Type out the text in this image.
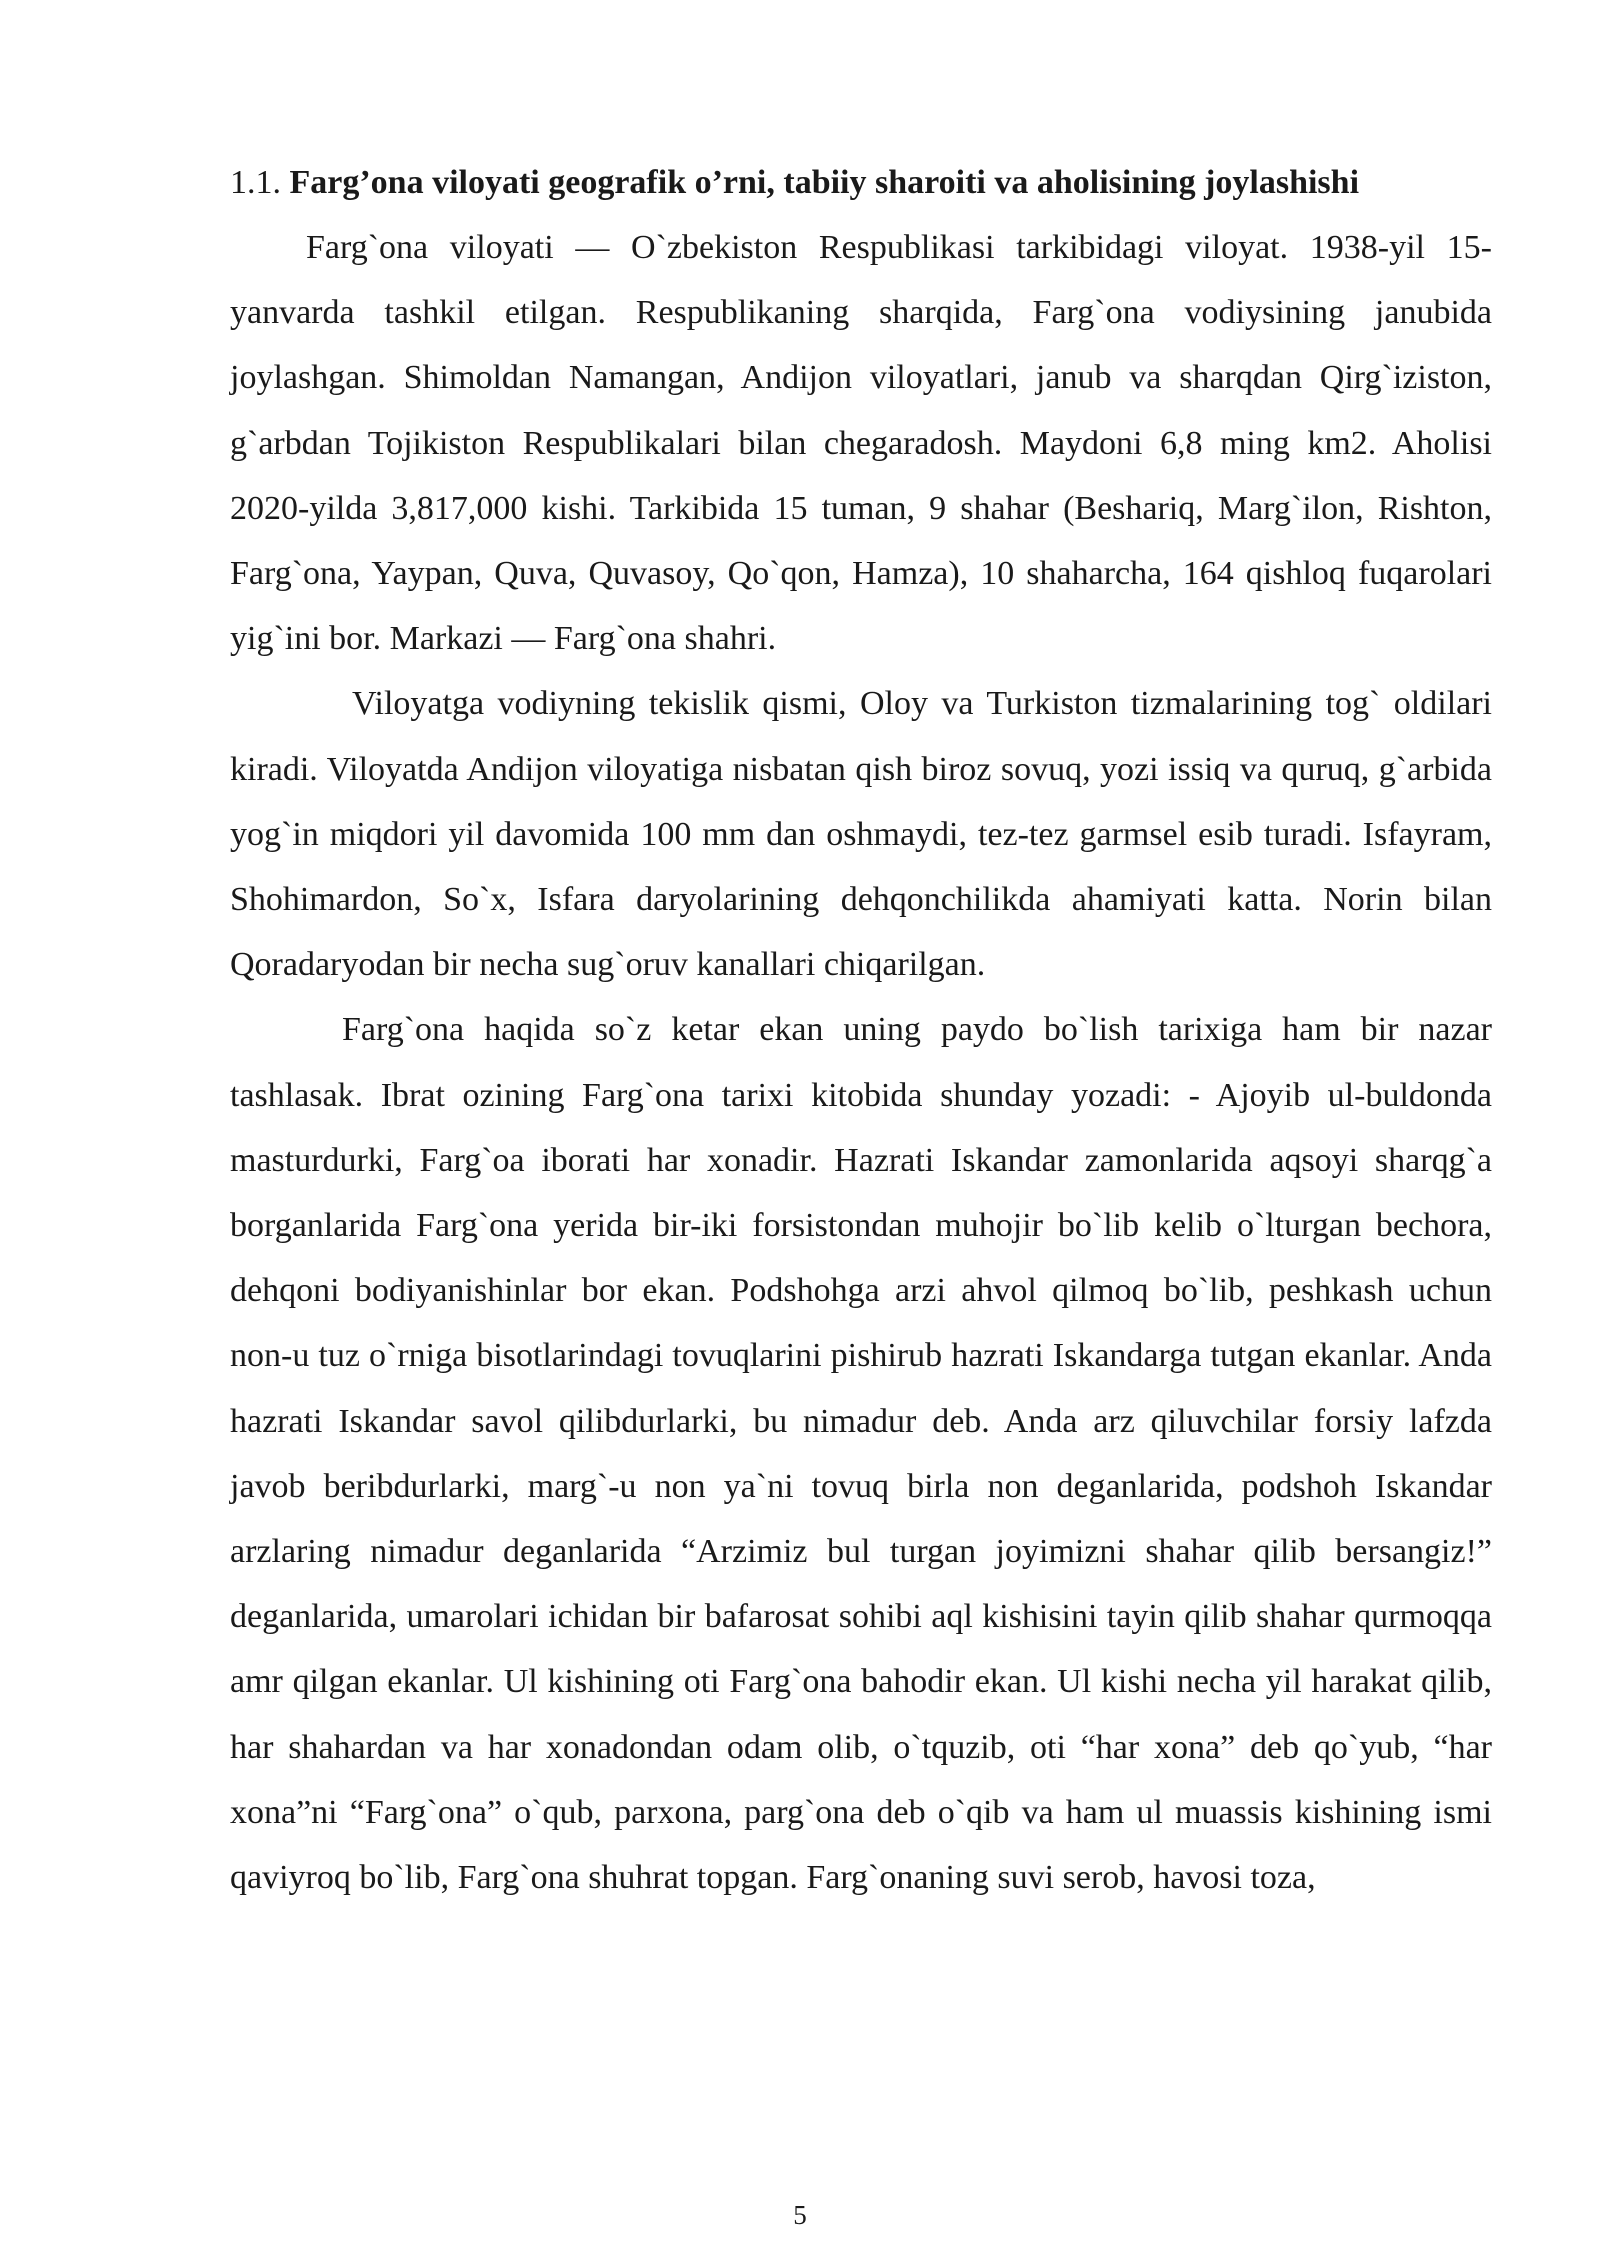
1.1. Farg’ona viloyati geografik o’rni, tabiiy sharoiti va aholisining joylashishi

Farg`ona viloyati — O`zbekiston Respublikasi tarkibidagi viloyat. 1938-yil 15-yanvarda tashkil etilgan. Respublikaning sharqida, Farg`ona vodiysining janubida joylashgan. Shimoldan Namangan, Andijon viloyatlari, janub va sharqdan Qirg`iziston, g`arbdan Tojikiston Respublikalari bilan chegaradosh. Maydoni 6,8 ming km2. Aholisi 2020-yilda 3,817,000 kishi. Tarkibida 15 tuman, 9 shahar (Beshariq, Marg`ilon, Rishton, Farg`ona, Yaypan, Quva, Quvasoy, Qo`qon, Hamza), 10 shaharcha, 164 qishloq fuqarolari yig`ini bor. Markazi — Farg`ona shahri.

Viloyatga vodiyning tekislik qismi, Oloy va Turkiston tizmalarining tog` oldilari kiradi. Viloyatda Andijon viloyatiga nisbatan qish biroz sovuq, yozi issiq va quruq, g`arbida yog`in miqdori yil davomida 100 mm dan oshmaydi, tez-tez garmsel esib turadi. Isfayram, Shohimardon, So`x, Isfara daryolarining dehqonchilikda ahamiyati katta. Norin bilan Qoradaryodan bir necha sug`oruv kanallari chiqarilgan.

Farg`ona haqida so`z ketar ekan uning paydo bo`lish tarixiga ham bir nazar tashlasak. Ibrat ozining Farg`ona tarixi kitobida shunday yozadi: - Ajoyib ul-buldonda masturdurki, Farg`oa iborati har xonadir. Hazrati Iskandar zamonlarida aqsoyi sharqg`a borganlarida Farg`ona yerida bir-iki forsistondan muhojir bo`lib kelib o`lturgan bechora, dehqoni bodiyanishinlar bor ekan. Podshohga arzi ahvol qilmoq bo`lib, peshkash uchun non-u tuz o`rniga bisotlarindagi tovuqlarini pishirub hazrati Iskandarga tutgan ekanlar. Anda hazrati Iskandar savol qilibdurlarki, bu nimadur deb. Anda arz qiluvchilar forsiy lafzda javob beribdurlarki, marg`-u non ya`ni tovuq birla non deganlarida, podshoh Iskandar arzlaring nimadur deganlarida “Arzimiz bul turgan joyimizni shahar qilib bersangiz!” deganlarida, umarolari ichidan bir bafarosat sohibi aql kishisini tayin qilib shahar qurmoqqa amr qilgan ekanlar. Ul kishining oti Farg`ona bahodir ekan. Ul kishi necha yil harakat qilib, har shahardan va har xonadondan odam olib, o`tquzib, oti “har xona” deb qo`yub, “har xona”ni “Farg`ona” o`qub, parxona, parg`ona deb o`qib va ham ul muassis kishining ismi qaviyroq bo`lib, Farg`ona shuhrat topgan. Farg`onaning suvi serob, havosi toza,

5
